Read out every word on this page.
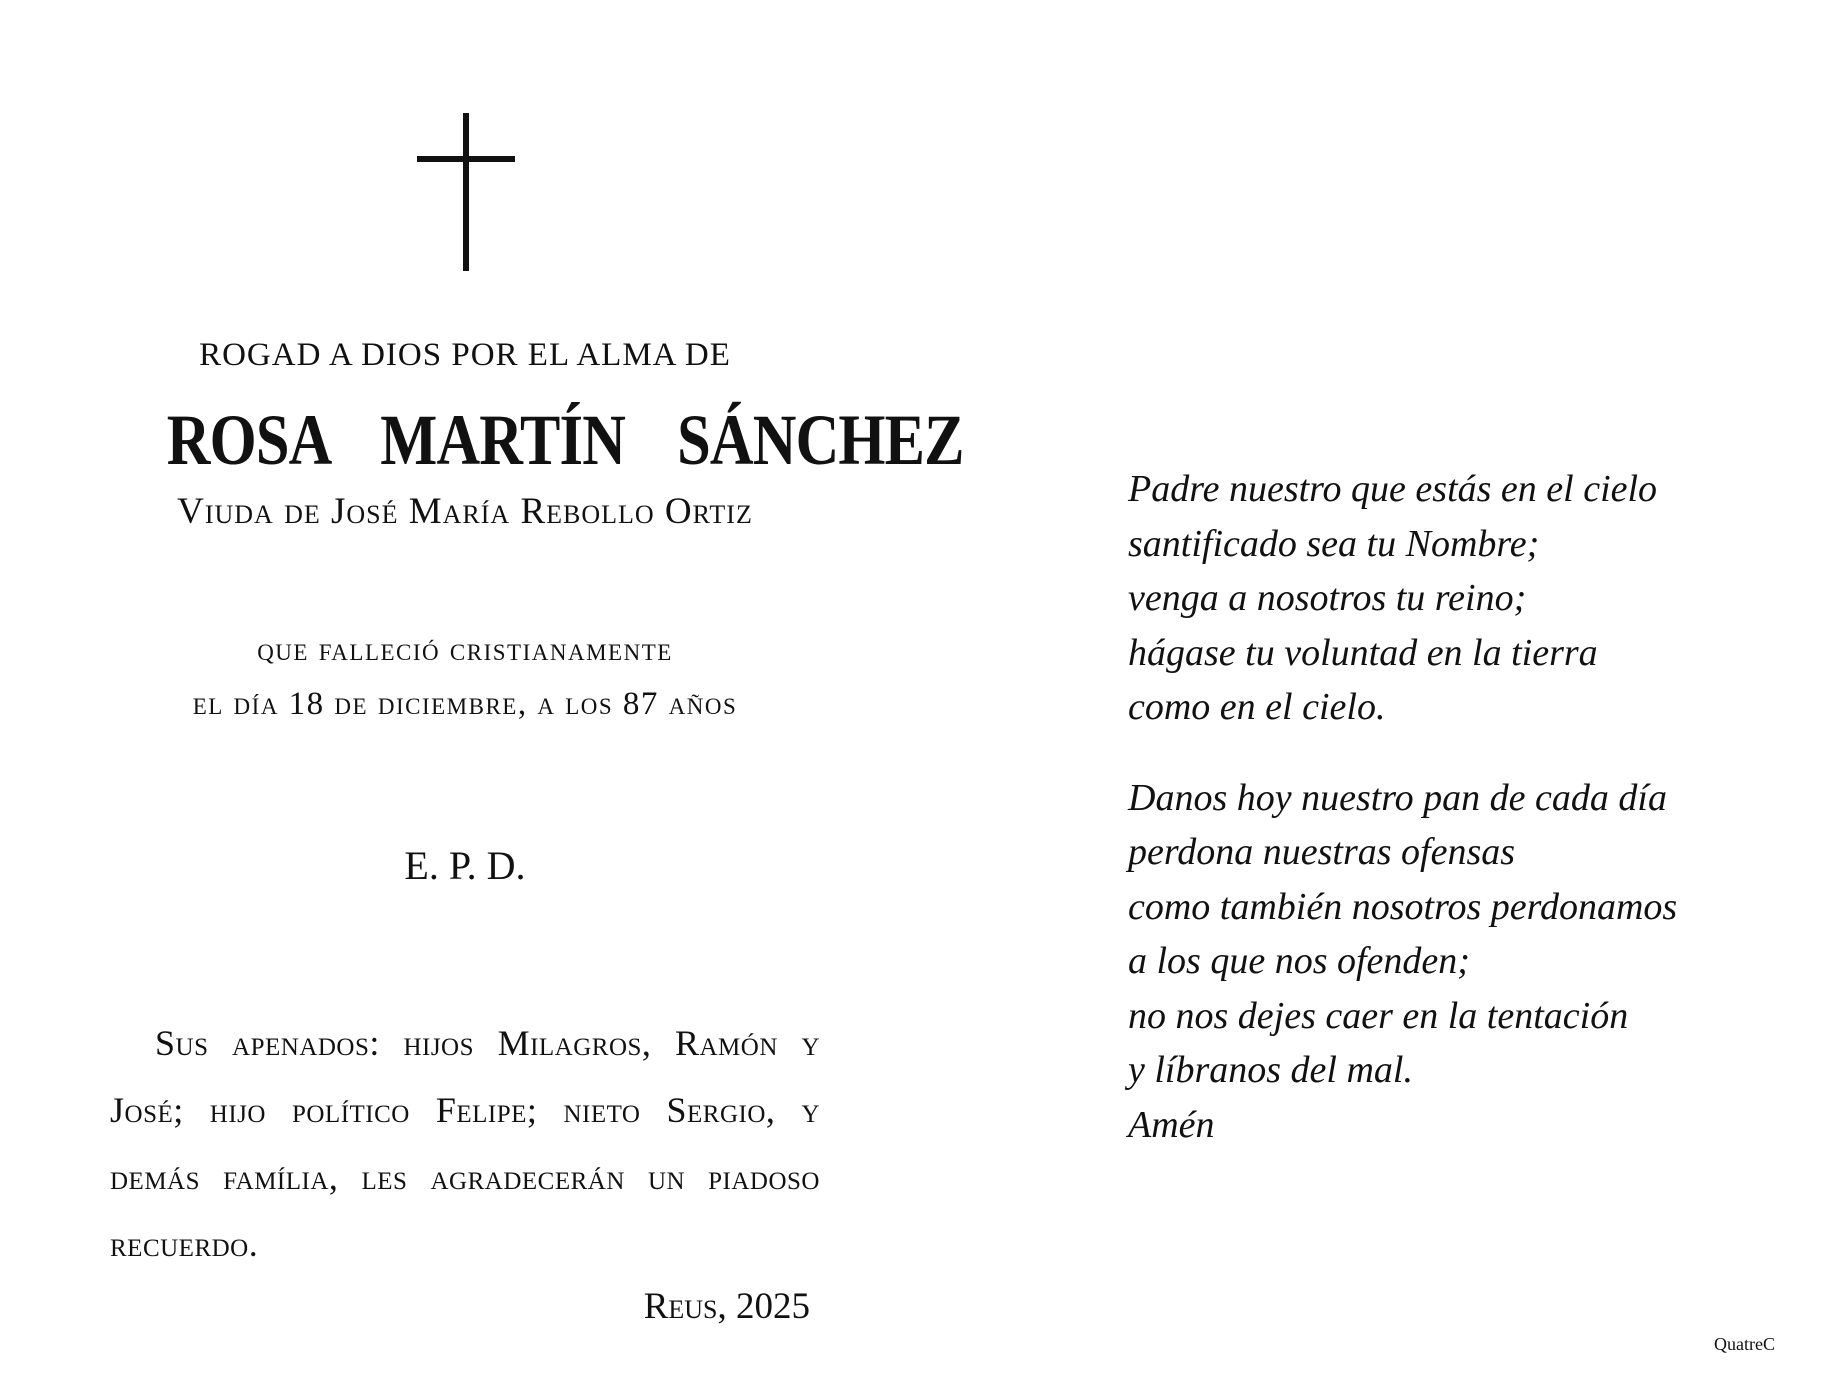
ROGAD A DIOS POR EL ALMA DE
ROSA  MARTÍN  SÁNCHEZ
Viuda de José María Rebollo Ortiz
que falleció cristianamente
el día 18 de diciembre, a los 87 años
E. P. D.
Sus apenados: hijos Milagros, Ramón y José; hijo político Felipe; nieto Sergio, y demás família, les agradecerán un piadoso recuerdo.
Reus, 2025
Padre nuestro que estás en el cielo
santificado sea tu Nombre;
venga a nosotros tu reino;
hágase tu voluntad en la tierra
como en el cielo.
Danos hoy nuestro pan de cada día
perdona nuestras ofensas
como también nosotros perdonamos
a los que nos ofenden;
no nos dejes caer en la tentación
y líbranos del mal.
Amén
QuatreC
